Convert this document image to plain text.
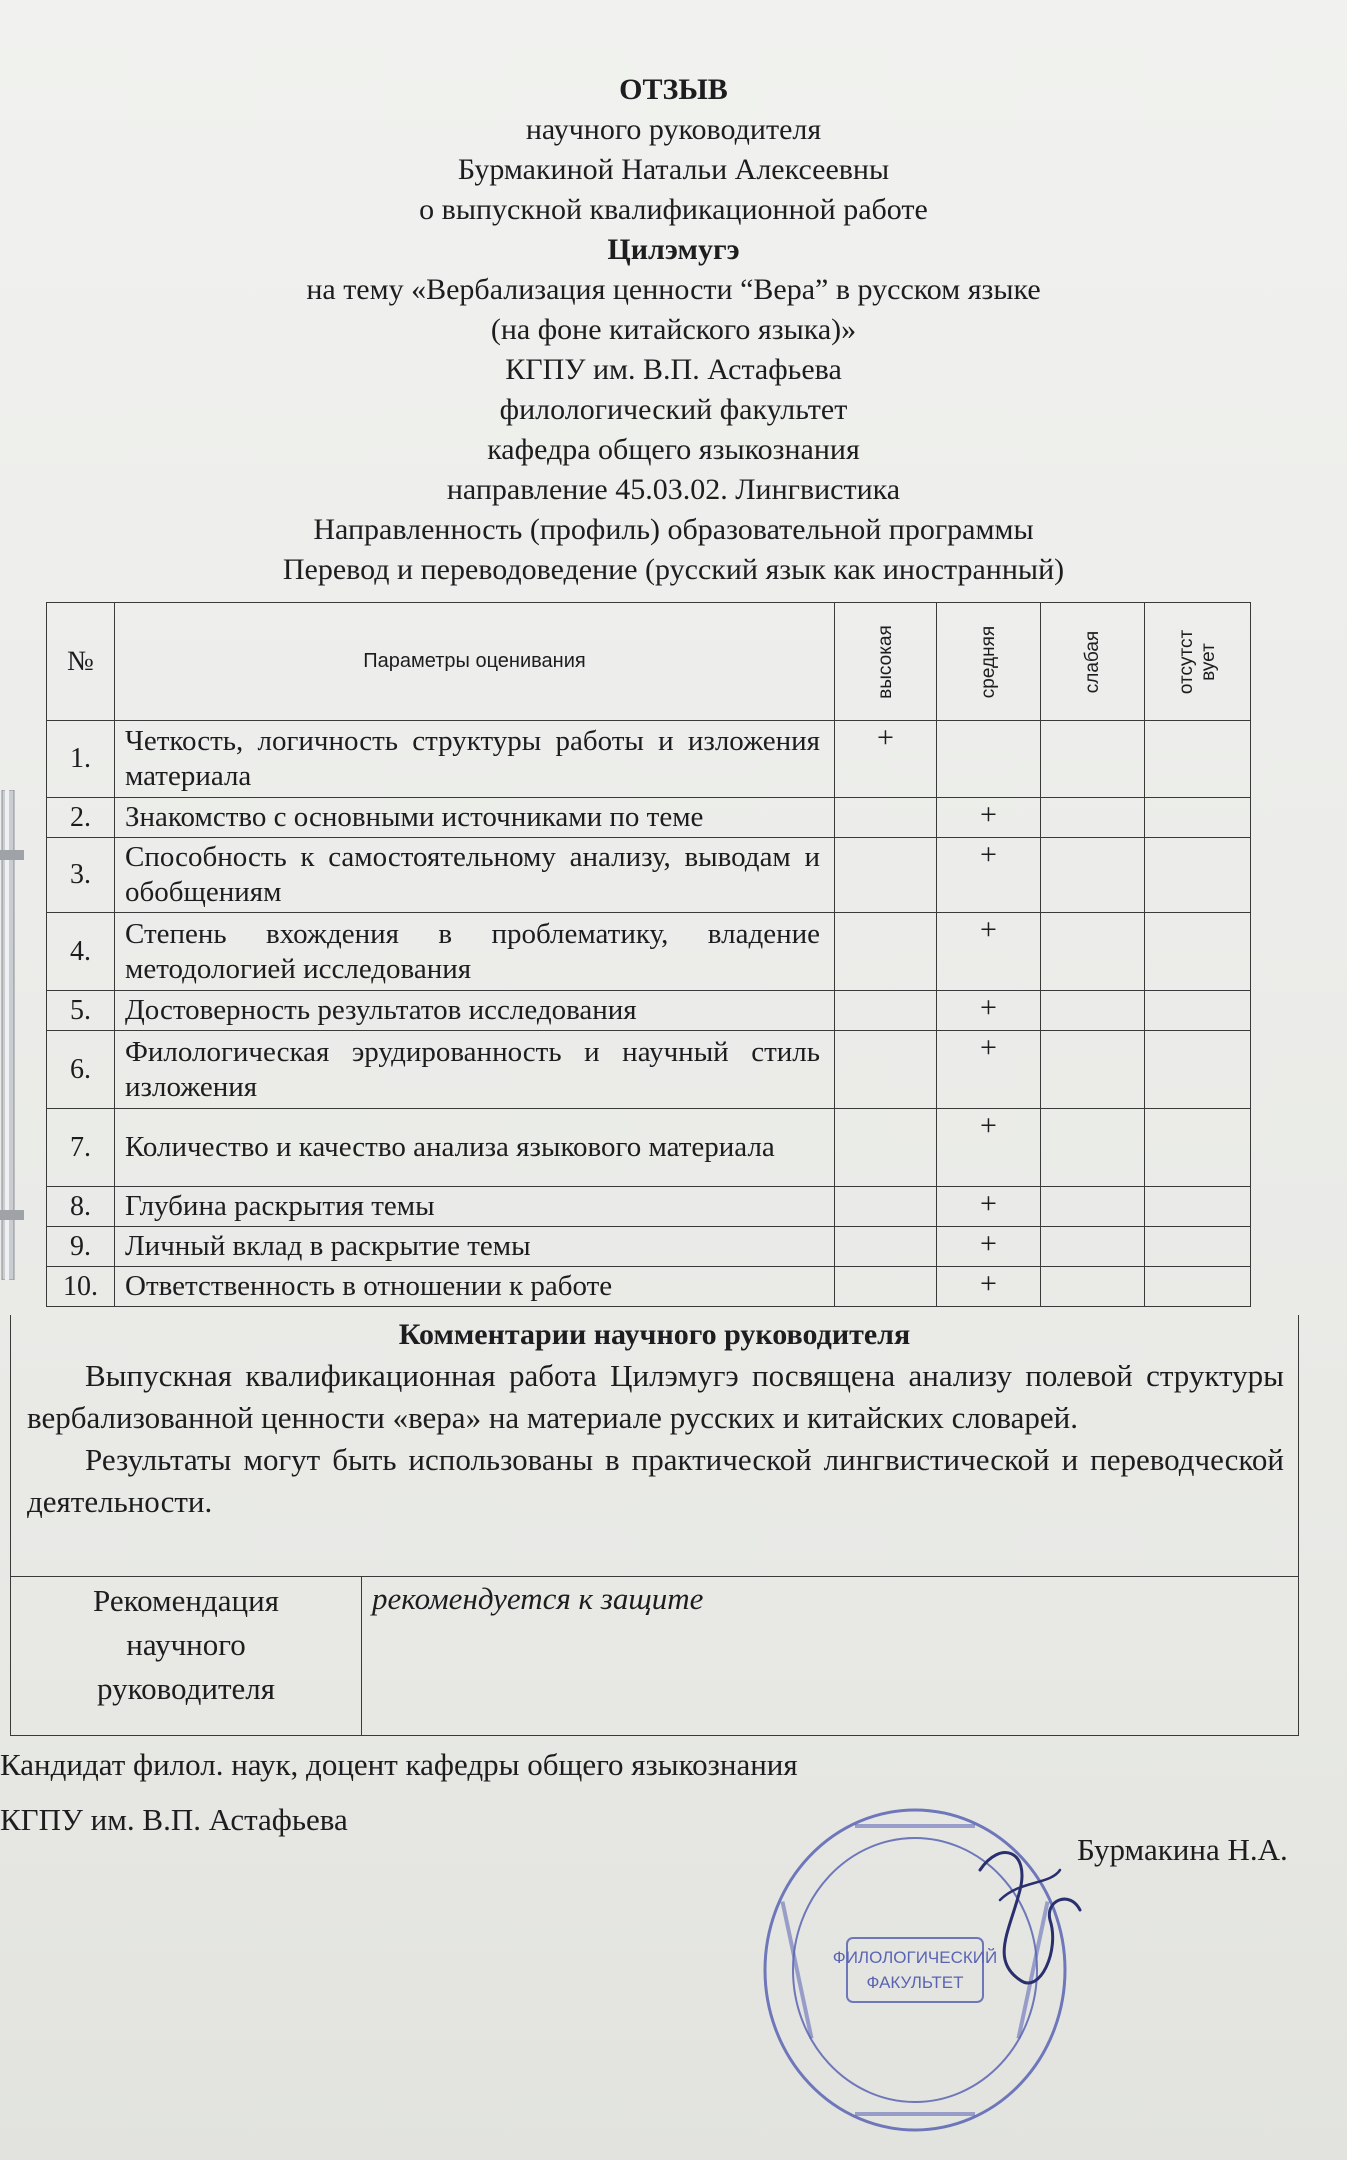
ОТЗЫВ
научного руководителя
Бурмакиной Натальи Алексеевны
о выпускной квалификационной работе
Цилэмугэ
на тему «Вербализация ценности “Вера” в русском языке
(на фоне китайского языка)»
КГПУ им. В.П. Астафьева
филологический факультет
кафедра общего языкознания
направление 45.03.02. Лингвистика
Направленность (профиль) образовательной программы
Перевод и переводоведение (русский язык как иностранный)
№	Параметры оценивания	высокая	средняя	слабая	отсутст вует

1.	Четкость, логичность структуры работы и изложения материала	+			
2.	Знакомство с основными источниками по теме		+		
3.	Способность к самостоятельному анализу, выводам и обобщениям		+		
4.	Степень вхождения в проблематику, владение методологией исследования		+		
5.	Достоверность результатов исследования		+		
6.	Филологическая эрудированность и научный стиль изложения		+		
7.	Количество и качество анализа языкового материала		+		
8.	Глубина раскрытия темы		+		
9.	Личный вклад в раскрытие темы		+		
10.	Ответственность в отношении к работе		+		
Комментарии научного руководителя

Выпускная квалификационная работа Цилэмугэ посвящена анализу полевой структуры вербализованной ценности «вера» на материале русских и китайских словарей.

Результаты могут быть использованы в практической лингвистической и переводческой деятельности.

Рекомендация
научного
руководителя
рекомендуется к защите
Кандидат филол. наук, доцент кафедры общего языкознания
КГПУ им. В.П. Астафьева
Бурмакина Н.А.
ФИЛОЛОГИЧЕСКИЙ
ФАКУЛЬТЕТ
